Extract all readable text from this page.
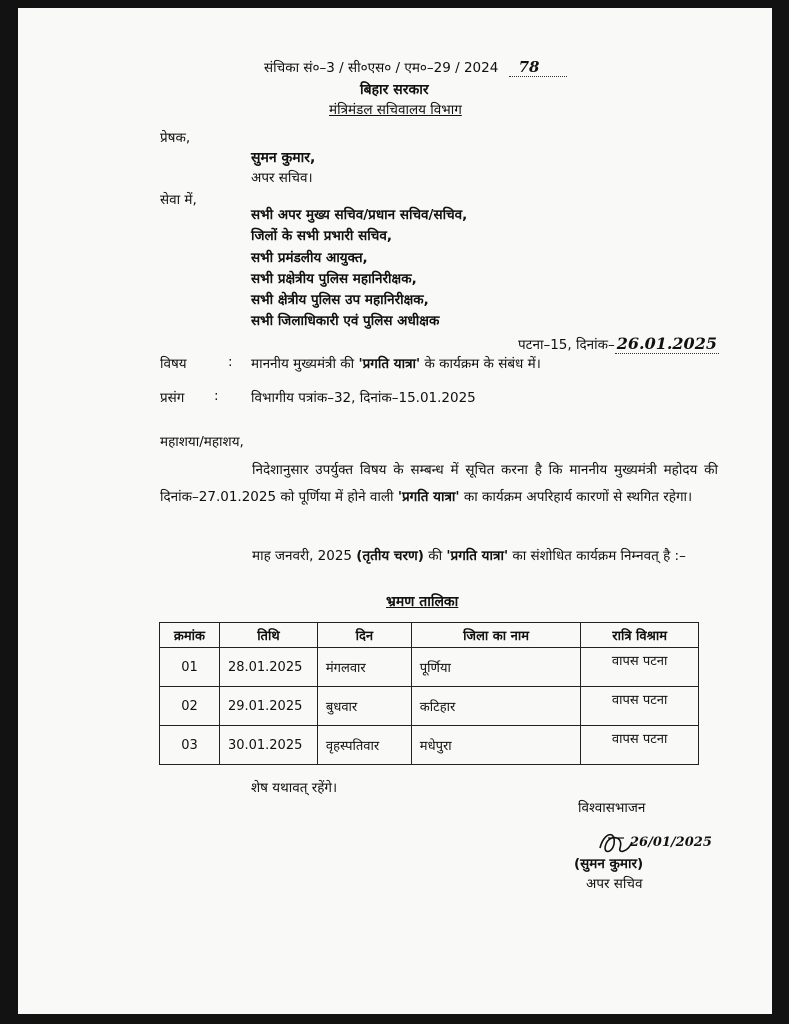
संचिका सं०–3 / सी०एस० / एम०–29 / 2024 78
बिहार सरकार
मंत्रिमंडल सचिवालय विभाग
प्रेषक,
सुमन कुमार,
अपर सचिव।
सेवा में,
सभी अपर मुख्य सचिव/प्रधान सचिव/सचिव,
जिलों के सभी प्रभारी सचिव,
सभी प्रमंडलीय आयुक्त,
सभी प्रक्षेत्रीय पुलिस महानिरीक्षक,
सभी क्षेत्रीय पुलिस उप महानिरीक्षक,
सभी जिलाधिकारी एवं पुलिस अधीक्षक
पटना–15, दिनांक– 26.01.2025
विषय	: माननीय मुख्यमंत्री की 'प्रगति यात्रा' के कार्यक्रम के संबंध में।
प्रसंग : विभागीय पत्रांक–32, दिनांक–15.01.2025
महाशया/महाशय,
निदेशानुसार उपर्युक्त विषय के सम्बन्ध में सूचित करना है कि माननीय मुख्यमंत्री महोदय की दिनांक–27.01.2025 को पूर्णिया में होने वाली 'प्रगति यात्रा' का कार्यक्रम अपरिहार्य कारणों से स्थगित रहेगा।
माह जनवरी, 2025 (तृतीय चरण) की 'प्रगति यात्रा' का संशोधित कार्यक्रम निम्नवत् है :–
भ्रमण तालिका
क्रमांक	तिथि	दिन	जिला का नाम	रात्रि विश्राम
01	28.01.2025	मंगलवार	पूर्णिया	वापस पटना
02	29.01.2025	बुधवार	कटिहार	वापस पटना
03	30.01.2025	वृहस्पतिवार	मधेपुरा	वापस पटना
शेष यथावत् रहेंगे।
विश्वासभाजन
26/01/2025
(सुमन कुमार)
अपर सचिव
